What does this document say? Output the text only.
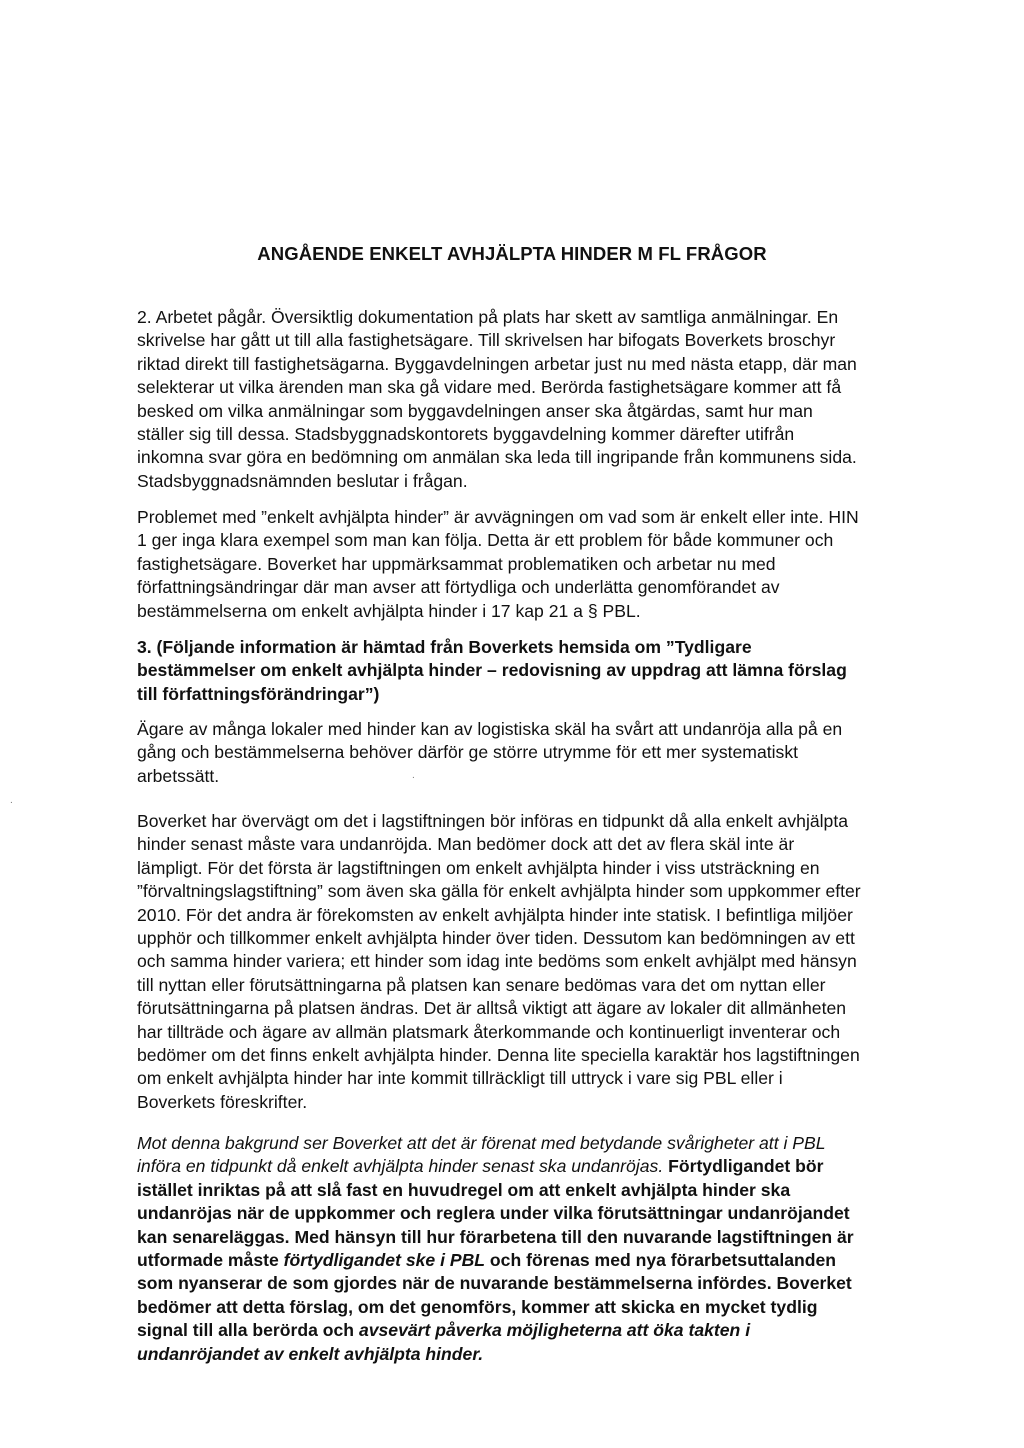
ANGÅENDE ENKELT AVHJÄLPTA HINDER M FL FRÅGOR
2. Arbetet pågår. Översiktlig dokumentation på plats har skett av samtliga anmälningar. En
skrivelse har gått ut till alla fastighetsägare. Till skrivelsen har bifogats Boverkets broschyr
riktad direkt till fastighetsägarna. Byggavdelningen arbetar just nu med nästa etapp, där man
selekterar ut vilka ärenden man ska gå vidare med. Berörda fastighetsägare kommer att få
besked om vilka anmälningar som byggavdelningen anser ska åtgärdas, samt hur man
ställer sig till dessa. Stadsbyggnadskontorets byggavdelning kommer därefter utifrån
inkomna svar göra en bedömning om anmälan ska leda till ingripande från kommunens sida.
Stadsbyggnadsnämnden beslutar i frågan.
Problemet med ”enkelt avhjälpta hinder” är avvägningen om vad som är enkelt eller inte. HIN
1 ger inga klara exempel som man kan följa. Detta är ett problem för både kommuner och
fastighetsägare. Boverket har uppmärksammat problematiken och arbetar nu med
författningsändringar där man avser att förtydliga och underlätta genomförandet av
bestämmelserna om enkelt avhjälpta hinder i 17 kap 21 a § PBL.
3. (Följande information är hämtad från Boverkets hemsida om ”Tydligare
bestämmelser om enkelt avhjälpta hinder – redovisning av uppdrag att lämna förslag
till författningsförändringar”)
Ägare av många lokaler med hinder kan av logistiska skäl ha svårt att undanröja alla på en
gång och bestämmelserna behöver därför ge större utrymme för ett mer systematiskt
arbetssätt.
Boverket har övervägt om det i lagstiftningen bör införas en tidpunkt då alla enkelt avhjälpta
hinder senast måste vara undanröjda. Man bedömer dock att det av flera skäl inte är
lämpligt. För det första är lagstiftningen om enkelt avhjälpta hinder i viss utsträckning en
”förvaltningslagstiftning” som även ska gälla för enkelt avhjälpta hinder som uppkommer efter
2010. För det andra är förekomsten av enkelt avhjälpta hinder inte statisk. I befintliga miljöer
upphör och tillkommer enkelt avhjälpta hinder över tiden. Dessutom kan bedömningen av ett
och samma hinder variera; ett hinder som idag inte bedöms som enkelt avhjälpt med hänsyn
till nyttan eller förutsättningarna på platsen kan senare bedömas vara det om nyttan eller
förutsättningarna på platsen ändras. Det är alltså viktigt att ägare av lokaler dit allmänheten
har tillträde och ägare av allmän platsmark återkommande och kontinuerligt inventerar och
bedömer om det finns enkelt avhjälpta hinder. Denna lite speciella karaktär hos lagstiftningen
om enkelt avhjälpta hinder har inte kommit tillräckligt till uttryck i vare sig PBL eller i
Boverkets föreskrifter.
Mot denna bakgrund ser Boverket att det är förenat med betydande svårigheter att i PBL
införa en tidpunkt då enkelt avhjälpta hinder senast ska undanröjas. Förtydligandet bör
istället inriktas på att slå fast en huvudregel om att enkelt avhjälpta hinder ska
undanröjas när de uppkommer och reglera under vilka förutsättningar undanröjandet
kan senareläggas. Med hänsyn till hur förarbetena till den nuvarande lagstiftningen är
utformade måste förtydligandet ske i PBL och förenas med nya förarbetsuttalanden
som nyanserar de som gjordes när de nuvarande bestämmelserna infördes. Boverket
bedömer att detta förslag, om det genomförs, kommer att skicka en mycket tydlig
signal till alla berörda och avsevärt påverka möjligheterna att öka takten i
undanröjandet av enkelt avhjälpta hinder.
.
.
